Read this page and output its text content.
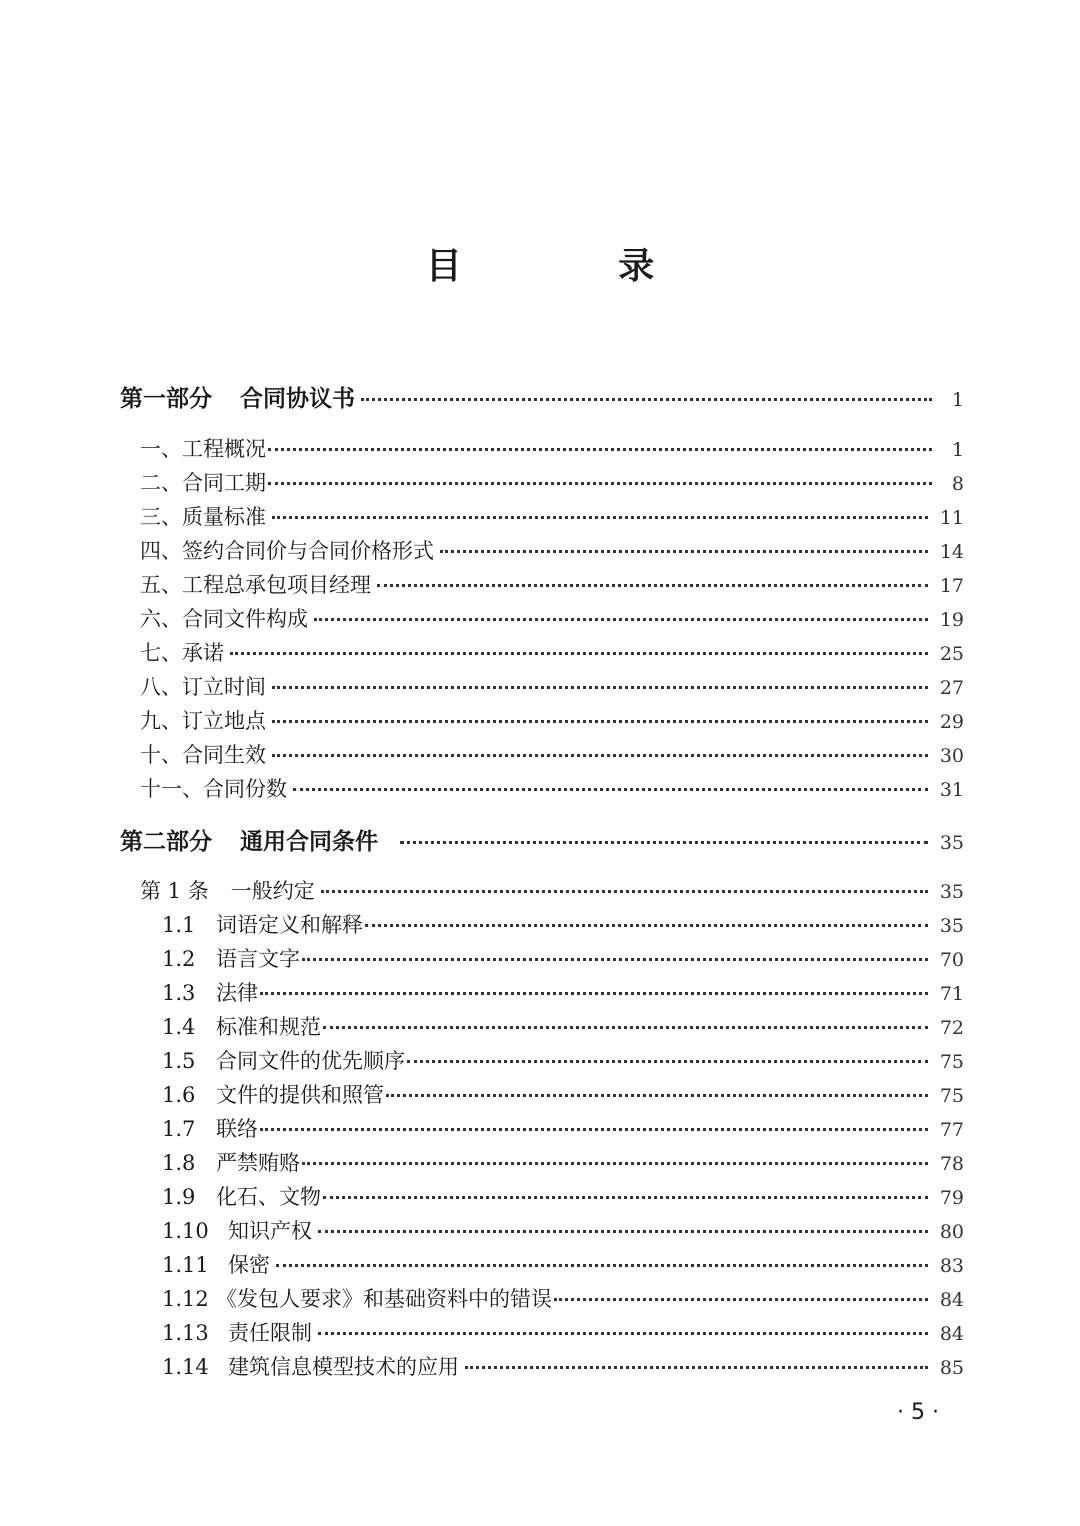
目 录
第一部分 合同协议书	1
一、工程概况	1
二、合同工期	8
三、质量标准	11
四、签约合同价与合同价格形式	14
五、工程总承包项目经理	17
六、合同文件构成	19
七、承诺	25
八、订立时间	27
九、订立地点	29
十、合同生效	30
十一、合同份数	31
第二部分 通用合同条件	35
第 1 条 一般约定	35
1.1 词语定义和解释	35
1.2 语言文字	70
1.3 法律	71
1.4 标准和规范	72
1.5 合同文件的优先顺序	75
1.6 文件的提供和照管	75
1.7 联络	77
1.8 严禁贿赂	78
1.9 化石、文物	79
1.10 知识产权	80
1.11 保密	83
1.12 《发包人要求》和基础资料中的错误	84
1.13 责任限制	84
1.14 建筑信息模型技术的应用	85
· 5 ·
